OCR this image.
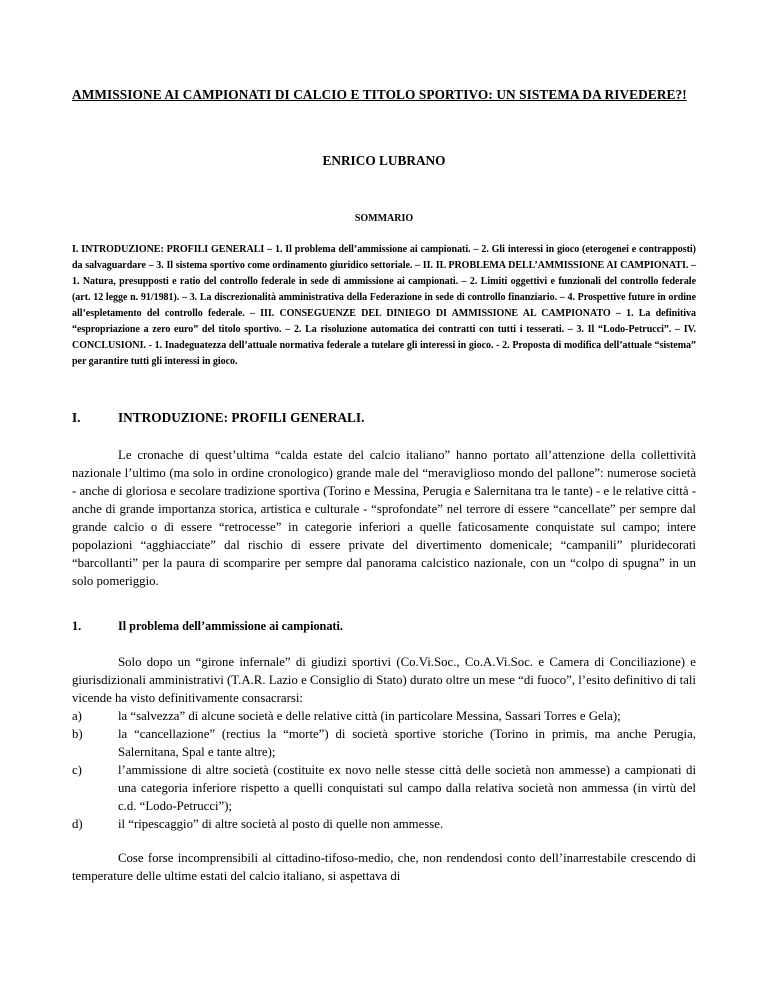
AMMISSIONE AI CAMPIONATI DI CALCIO E TITOLO SPORTIVO: UN SISTEMA DA RIVEDERE?!
ENRICO LUBRANO
SOMMARIO

I. INTRODUZIONE: PROFILI GENERALI – 1. Il problema dell’ammissione ai campionati. – 2. Gli interessi in gioco (eterogenei e contrapposti) da salvaguardare – 3. Il sistema sportivo come ordinamento giuridico settoriale. – II. IL PROBLEMA DELL’AMMISSIONE AI CAMPIONATI. – 1. Natura, presupposti e ratio del controllo federale in sede di ammissione ai campionati. – 2. Limiti oggettivi e funzionali del controllo federale (art. 12 legge n. 91/1981). – 3. La discrezionalità amministrativa della Federazione in sede di controllo finanziario. – 4. Prospettive future in ordine all’espletamento del controllo federale. – III. CONSEGUENZE DEL DINIEGO DI AMMISSIONE AL CAMPIONATO – 1. La definitiva “espropriazione a zero euro” del titolo sportivo. – 2. La risoluzione automatica dei contratti con tutti i tesserati. – 3. Il “Lodo-Petrucci”. – IV. CONCLUSIONI. - 1. Inadeguatezza dell’attuale normativa federale a tutelare gli interessi in gioco. - 2. Proposta di modifica dell’attuale “sistema” per garantire tutti gli interessi in gioco.

I.	INTRODUZIONE: PROFILI GENERALI.

Le cronache di quest’ultima “calda estate del calcio italiano” hanno portato all’attenzione della collettività nazionale l’ultimo (ma solo in ordine cronologico) grande male del “meraviglioso mondo del pallone”: numerose società - anche di gloriosa e secolare tradizione sportiva (Torino e Messina, Perugia e Salernitana tra le tante) - e le relative città - anche di grande importanza storica, artistica e culturale - “sprofondate” nel terrore di essere “cancellate” per sempre dal grande calcio o di essere “retrocesse” in categorie inferiori a quelle faticosamente conquistate sul campo; intere popolazioni “agghiacciate” dal rischio di essere private del divertimento domenicale; “campanili” pluridecorati “barcollanti” per la paura di scomparire per sempre dal panorama calcistico nazionale, con un “colpo di spugna” in un solo pomeriggio.

1.	Il problema dell’ammissione ai campionati.

Solo dopo un “girone infernale” di giudizi sportivi (Co.Vi.Soc., Co.A.Vi.Soc. e Camera di Conciliazione) e giurisdizionali amministrativi (T.A.R. Lazio e Consiglio di Stato) durato oltre un mese “di fuoco”, l’esito definitivo di tali vicende ha visto definitivamente consacrarsi:

a)	la “salvezza” di alcune società e delle relative città (in particolare Messina, Sassari Torres e Gela);
b)	la “cancellazione” (rectius la “morte”) di società sportive storiche (Torino in primis, ma anche Perugia, Salernitana, Spal e tante altre);
c)	l’ammissione di altre società (costituite ex novo nelle stesse città delle società non ammesse) a campionati di una categoria inferiore rispetto a quelli conquistati sul campo dalla relativa società non ammessa (in virtù del c.d. “Lodo-Petrucci”);
d)	il “ripescaggio” di altre società al posto di quelle non ammesse.

Cose forse incomprensibili al cittadino-tifoso-medio, che, non rendendosi conto dell’inarrestabile crescendo di temperature delle ultime estati del calcio italiano, si aspettava di
